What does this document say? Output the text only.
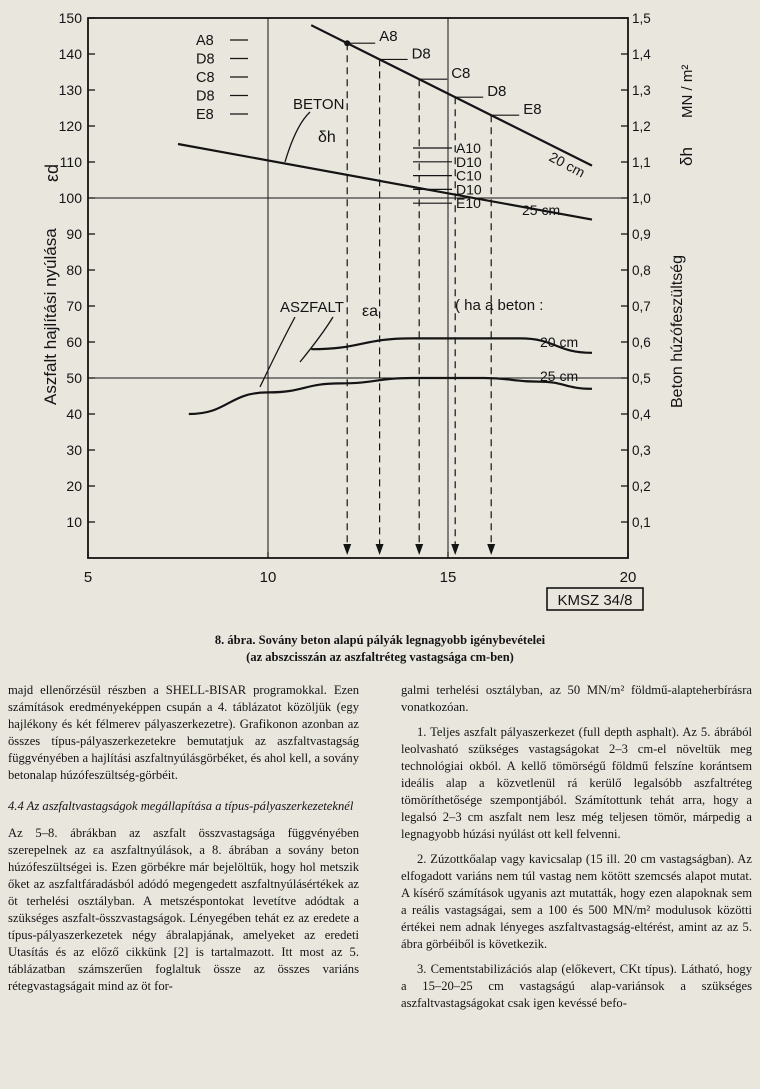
10
20
30
40
50
60
70
80
90
100
110
120
130
140
150
0,1
0,2
0,3
0,4
0,5
0,6
0,7
0,8
0,9
1,0
1,1
1,2
1,3
1,4
1,5
5	10	15	20
A8
D8
C8
D8
E8
A8
D8
C8
D8
E8
A10
D10
C10
D10
E10
BETON
δh
ASZFALT εa	( ha a beton :
20 cm
25 cm
20 cm
25 cm
Aszfalt hajlítási nyúlása
εd
Beton húzófeszültség
δh
MN / m²
KMSZ 34/8
8. ábra. Sovány beton alapú pályák legnagyobb igénybevételei
(az abszcisszán az aszfaltréteg vastagsága cm-ben)

majd ellenőrzésül részben a SHELL-BISAR programokkal. Ezen számítások eredményeképpen csupán a 4. táblázatot közöljük (egy hajlékony és két félmerev pályaszerkezetre). Grafikonon azonban az összes típus-pályaszerkezetekre bemutatjuk az aszfaltvastagság függvényében a hajlítási aszfaltnyúlásgörbéket, és ahol kell, a sovány betonalap húzófeszültség-görbéit.

4.4 Az aszfaltvastagságok megállapítása a típus-pályaszerkezeteknél

Az 5–8. ábrákban az aszfalt összvastagsága függvényében szerepelnek az εa aszfaltnyúlások, a 8. ábrában a sovány beton húzófeszültségei is. Ezen görbékre már bejelöltük, hogy hol metszik őket az aszfaltfáradásból adódó megengedett aszfaltnyúlásértékek az öt terhelési osztályban. A metszéspontokat levetítve adódtak a szükséges aszfalt-összvastagságok. Lényegében tehát ez az eredete a típus-pályaszerkezetek négy ábralapjának, amelyeket az eredeti Utasítás és az előző cikkünk [2] is tartalmazott. Itt most az 5. táblázatban számszerűen foglaltuk össze az összes variáns rétegvastagságait mind az öt for-

galmi terhelési osztályban, az 50 MN/m² földmű-alapteherbírásra vonatkozóan.

1. Teljes aszfalt pályaszerkezet (full depth asphalt). Az 5. ábrából leolvasható szükséges vastagságokat 2–3 cm-el növeltük meg technológiai okból. A kellő tömörségű földmű felszíne korántsem ideális alap a közvetlenül rá kerülő legalsóbb aszfaltréteg tömöríthetősége szempontjából. Számítottunk tehát arra, hogy a legalsó 2–3 cm aszfalt nem lesz még teljesen tömör, márpedig a legnagyobb húzási nyúlást ott kell felvenni.

2. Zúzottkőalap vagy kavicsalap (15 ill. 20 cm vastagságban). Az elfogadott variáns nem túl vastag nem kötött szemcsés alapot mutat. A kísérő számítások ugyanis azt mutatták, hogy ezen alapoknak sem a reális vastagságai, sem a 100 és 500 MN/m² modulusok közötti értékei nem adnak lényeges aszfaltvastagság-eltérést, amint az az 5. ábra görbéiből is következik.

3. Cementstabilizációs alap (előkevert, CKt típus). Látható, hogy a 15–20–25 cm vastagságú alap-variánsok a szükséges aszfaltvastagságokat csak igen kevéssé befo-
